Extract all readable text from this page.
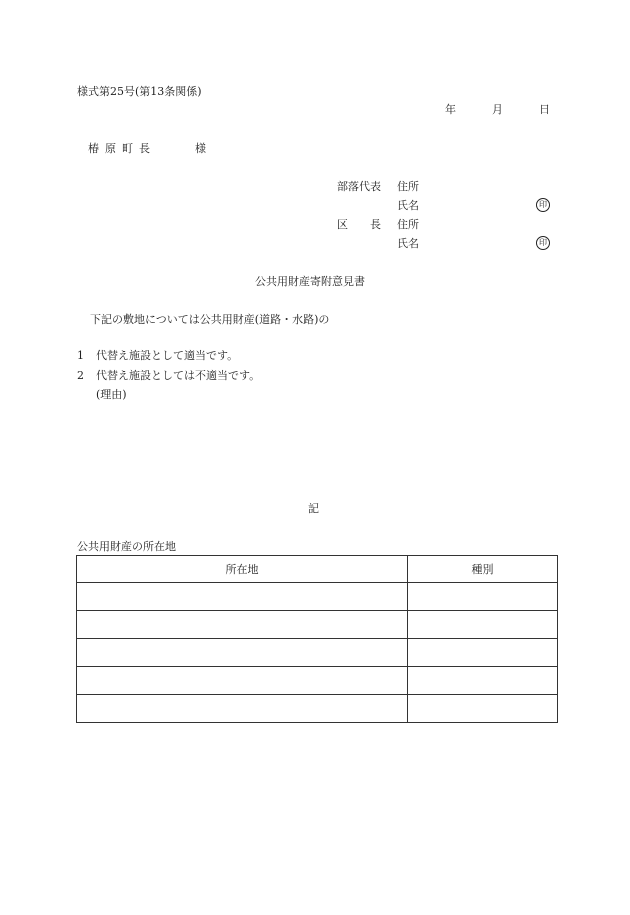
様式第25号(第13条関係)
年	月	日
椿原町長	様
部落代表 住所
氏名	印
区　　長 住所
氏名	印
公共用財産寄附意見書
下記の敷地については公共用財産(道路・水路)の
1 代替え施設として適当です。
2 代替え施設としては不適当です。
(理由)
記
公共用財産の所在地
所在地	種別
